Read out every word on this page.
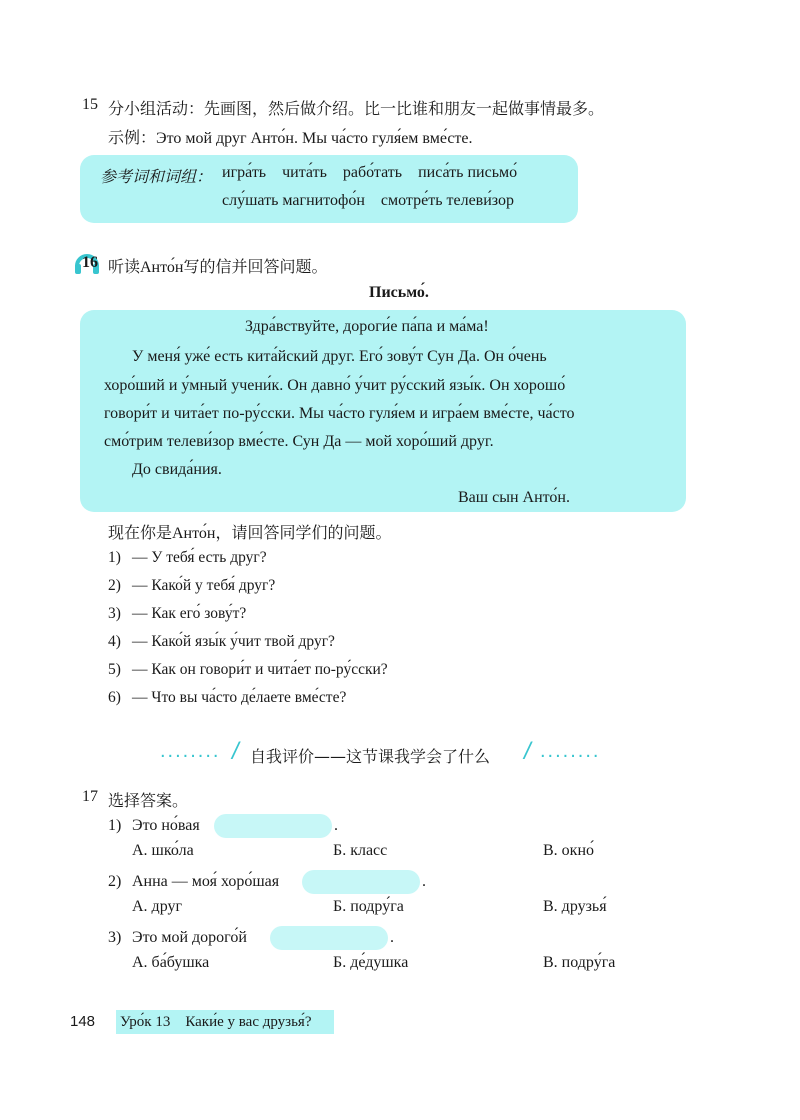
15 分小组活动：先画图，然后做介绍。比一比谁和朋友一起做事情最多。
示例：Это мой друг Анто́н. Мы ча́сто гуля́ем вме́сте.
参考词和词组： игра́ть    чита́ть    рабо́тать    писа́ть письмо́
слу́шать магнитофо́н    смотре́ть телеви́зор
16 听读Анто́н写的信并回答问题。
Письмо́.
Здра́вствуйте, дороги́е па́па и ма́ма!
У меня́ уже́ есть кита́йский друг. Его́ зову́т Сун Да. Он о́чень
хоро́ший и у́мный учени́к. Он давно́ у́чит ру́сский язы́к. Он хорошо́
говори́т и чита́ет по-ру́сски. Мы ча́сто гуля́ем и игра́ем вме́сте, ча́сто
смо́трим телеви́зор вме́сте. Сун Да — мой хоро́ший друг.
До свида́ния.
Ваш сын Анто́н.
现在你是Анто́н，请回答同学们的问题。
1) — У тебя́ есть друг?
2) — Како́й у тебя́ друг?
3) — Как его́ зову́т?
4) — Како́й язы́к у́чит твой друг?
5) — Как он говори́т и чита́ет по-ру́сски?
6) — Что вы ча́сто де́лаете вме́сте?
........ / 自我评价——这节课我学会了什么 / ........
17 选择答案。
1) Это но́вая	.
А. шко́ла	Б. класс	В. окно́
2) Анна — моя́ хоро́шая	.
А. друг	Б. подру́га	В. друзья́
3) Это мой дорого́й	.
А. ба́бушка	Б. де́душка	В. подру́га
148 Уро́к 13    Каки́е у вас друзья́?
